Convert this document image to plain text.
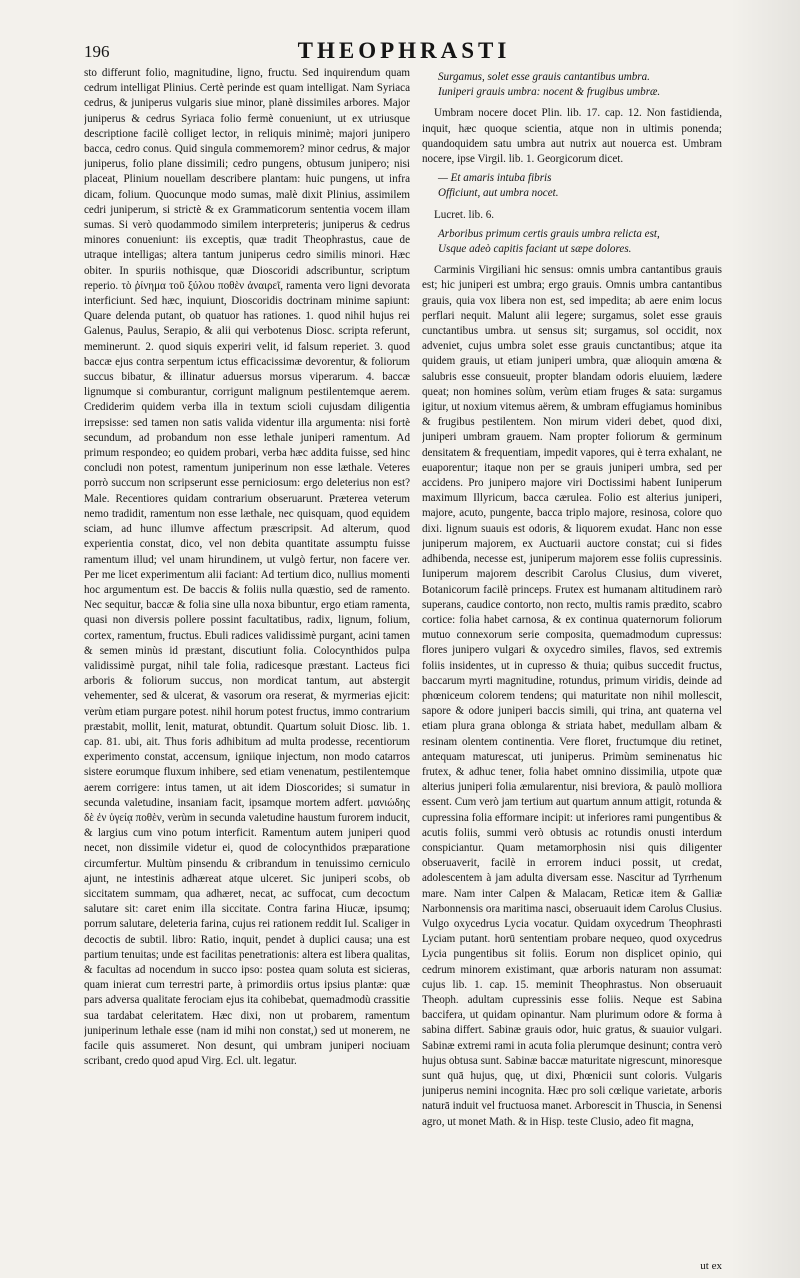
196	THEOPHRASTI

sto differunt folio, magnitudine, ligno, fructu. Sed inquirendum quam cedrum intelligat Plinius. Certè perinde est quam intelligat. Nam Syriaca cedrus, & juniperus vulgaris siue minor, planè dissimiles arbores. Major juniperus & cedrus Syriaca folio fermè conueniunt, ut ex utriusque descriptione facilè colliget lector, in reliquis minimè; majori junipero bacca, cedro conus. Quid singula commemorem? minor cedrus, & major juniperus, folio plane dissimili; cedro pungens, obtusum junipero; nisi placeat, Plinium nouellam describere plantam: huic pungens, ut infra dicam, folium. Quocunque modo sumas, malè dixit Plinius, assimilem cedri juniperum, si strictè & ex Grammaticorum sententia vocem illam sumas. Si verò quodammodo similem interpreteris; juniperus & cedrus minores conueniunt: iis exceptis, quæ tradit Theophrastus, caue de utraque intelligas; altera tantum juniperus cedro similis minori. Hæc obiter. In spuriis nothisque, quæ Dioscoridi adscribuntur, scriptum reperio. τὸ ῥίνημα τοῦ ξύλου ποθὲν ἀναιρεῖ, ramenta vero ligni devorata interficiunt. Sed hæc, inquiunt, Dioscoridis doctrinam minime sapiunt: Quare delenda putant, ob quatuor has rationes. 1. quod nihil hujus rei Galenus, Paulus, Serapio, & alii qui verbotenus Diosc. scripta referunt, meminerunt. 2. quod siquis experiri velit, id falsum reperiet. 3. quod baccæ ejus contra serpentum ictus efficacissimæ devorentur, & foliorum succus bibatur, & illinatur aduersus morsus viperarum. 4. baccæ lignumque si comburantur, corrigunt malignum pestilentemque aerem. Crediderim quidem verba illa in textum scioli cujusdam diligentia irrepsisse: sed tamen non satis valida videntur illa argumenta: nisi fortè secundum, ad probandum non esse lethale juniperi ramentum. Ad primum respondeo; eo quidem probari, verba hæc addita fuisse, sed hinc concludi non potest, ramentum juniperinum non esse læthale. Veteres porrò succum non scripserunt esse perniciosum: ergo deleterius non est? Male. Recentiores quidam contrarium obseruarunt. Præterea veterum nemo tradidit, ramentum non esse læthale, nec quisquam, quod equidem sciam, ad hunc illumve affectum præscripsit. Ad alterum, quod experientia constat, dico, vel non debita quantitate assumptu fuisse ramentum illud; vel unam hirundinem, ut vulgò fertur, non facere ver. Per me licet experimentum alii faciant: Ad tertium dico, nullius momenti hoc argumentum est. De baccis & foliis nulla quæstio, sed de ramento. Nec sequitur, baccæ & folia sine ulla noxa bibuntur, ergo etiam ramenta, quasi non diversis pollere possint facultatibus, radix, lignum, folium, cortex, ramentum, fructus. Ebuli radices validissimè purgant, acini tamen & semen minùs id præstant, discutiunt folia. Colocynthidos pulpa validissimè purgat, nihil tale folia, radicesque præstant. Lacteus fici arboris & foliorum succus, non mordicat tantum, aut abstergit vehementer, sed & ulcerat, & vasorum ora reserat, & myrmerias ejicit: verùm etiam purgare potest. nihil horum potest fructus, immo contrarium præstabit, mollit, lenit, maturat, obtundit. Quartum soluit Diosc. lib. 1. cap. 81. ubi, ait. Thus foris adhibitum ad multa prodesse, recentiorum experimento constat, accensum, igniique injectum, non modo catarros sistere eorumque fluxum inhibere, sed etiam venenatum, pestilentemque aerem corrigere: intus tamen, ut ait idem Dioscorides; si sumatur in secunda valetudine, insaniam facit, ipsamque mortem adfert. μανιώδης δὲ ἐν ὑγείᾳ ποθὲν, verùm in secunda valetudine haustum furorem inducit, & largius cum vino potum interficit. Ramentum autem juniperi quod necet, non dissimile videtur ei, quod de colocynthidos præparatione circumfertur. Multùm pinsendu & cribrandum in tenuissimo cerniculo ajunt, ne intestinis adhæreat atque ulceret. Sic juniperi scobs, ob siccitatem summam, qua adhæret, necat, ac suffocat, cum decoctum salutare sit: caret enim illa siccitate. Contra farina Hiucæ, ipsumq; porrum salutare, deleteria farina, cujus rei rationem reddit Iul. Scaliger in decoctis de subtil. libro: Ratio, inquit, pendet à duplici causa; una est partium tenuitas; unde est facilitas penetrationis: altera est libera qualitas, & facultas ad nocendum in succo ipso: postea quam soluta est sicieras, quam inierat cum terrestri parte, à primordiis ortus ipsius plantæ: quæ pars adversa qualitate ferociam ejus ita cohibebat, quemadmodù crassitie sua tardabat celeritatem. Hæc dixi, non ut probarem, ramentum juniperinum lethale esse (nam id mihi non constat,) sed ut monerem, ne facile quis assumeret. Non desunt, qui umbram juniperi nociuam scribant, credo quod apud Virg. Ecl. ult. legatur.

Surgamus, solet esse grauis cantantibus umbra.
Iuniperi grauis umbra: nocent & frugibus umbræ.

Umbram nocere docet Plin. lib. 17. cap. 12. Non fastidienda, inquit, hæc quoque scientia, atque non in ultimis ponenda; quandoquidem satu umbra aut nutrix aut nouerca est. Umbram nocere, ipse Virgil. lib. 1. Georgicorum dicet.

— Et amaris intuba fibris
Officiunt, aut umbra nocet.
Lucret. lib. 6.
Arboribus primum certis grauis umbra relicta est,
Usque adeò capitis faciant ut sæpe dolores.

Carminis Virgiliani hic sensus: omnis umbra cantantibus grauis est; hic juniperi est umbra; ergo grauis. Omnis umbra cantantibus grauis, quia vox libera non est, sed impedita; ab aere enim locus perflari nequit. Malunt alii legere; surgamus, solet esse grauis cunctantibus umbra. ut sensus sit; surgamus, sol occidit, nox adveniet, cujus umbra solet esse grauis cunctantibus; atque ita quidem grauis, ut etiam juniperi umbra, quæ alioquin amœna & salubris esse consueuit, propter blandam odoris eluuiem, lædere queat; non homines solùm, verùm etiam fruges & sata: surgamus igitur, ut noxium vitemus aërem, & umbram effugiamus hominibus & frugibus pestilentem. Non mirum videri debet, quod dixi, juniperi umbram grauem. Nam propter foliorum & germinum densitatem & frequentiam, impedit vapores, qui è terra exhalant, ne euaporentur; itaque non per se grauis juniperi umbra, sed per accidens. Pro junipero majore viri Doctissimi habent Iuniperum maximum Illyricum, bacca cærulea. Folio est alterius juniperi, majore, acuto, pungente, bacca triplo majore, resinosa, colore quo dixi. lignum suauis est odoris, & liquorem exudat. Hanc non esse juniperum majorem, ex Auctuarii auctore constat; cui si fides adhibenda, necesse est, juniperum majorem esse foliis cupressinis. Iuniperum majorem describit Carolus Clusius, dum viveret, Botanicorum facilè princeps. Frutex est humanam altitudinem rarò superans, caudice contorto, non recto, multis ramis prædito, scabro cortice: folia habet carnosa, & ex continua quaternorum foliorum mutuo connexorum serie composita, quemadmodum cupressus: flores junipero vulgari & oxycedro similes, flavos, sed extremis foliis insidentes, ut in cupresso & thuia; quibus succedit fructus, baccarum myrti magnitudine, rotundus, primum viridis, deinde ad phœniceum colorem tendens; qui maturitate non nihil mollescit, sapore & odore juniperi baccis simili, qui trina, ant quaterna vel etiam plura grana oblonga & striata habet, medullam albam & resinam olentem continentia. Vere floret, fructumque diu retinet, antequam maturescat, uti juniperus. Primùm seminenatus hic frutex, & adhuc tener, folia habet omnino dissimilia, utpote quæ alterius juniperi folia æmularentur, nisi breviora, & paulò molliora essent. Cum verò jam tertium aut quartum annum attigit, rotunda & cupressina folia efformare incipit: ut inferiores rami pungentibus & acutis foliis, summi verò obtusis ac rotundis onusti interdum conspiciantur. Quam metamorphosin nisi quis diligenter obseruaverit, facilè in errorem induci possit, ut credat, adolescentem à jam adulta diversam esse. Nascitur ad Tyrrhenum mare. Nam inter Calpen & Malacam, Reticæ item & Galliæ Narbonnensis ora maritima nasci, obseruauit idem Carolus Clusius. Vulgo oxycedrus Lycia vocatur. Quidam oxycedrum Theophrasti Lyciam putant. horū sententiam probare nequeo, quod oxycedrus Lycia pungentibus sit foliis. Eorum non displicet opinio, qui cedrum minorem existimant, quæ arboris naturam non assumat: cujus lib. 1. cap. 15. meminit Theophrastus. Non obseruauit Theoph. adultam cupressinis esse foliis. Neque est Sabina baccifera, ut quidam opinantur. Nam plurimum odore & forma à sabina differt. Sabinæ grauis odor, huic gratus, & suauior vulgari. Sabinæ extremi rami in acuta folia plerumque desinunt; contra verò hujus obtusa sunt. Sabinæ baccæ maturitate nigrescunt, minoresque sunt quā hujus, quę, ut dixi, Phœnicii sunt coloris. Vulgaris juniperus nemini incognita. Hæc pro soli cœlique varietate, arboris naturā induit vel fructuosa manet. Arborescit in Thuscia, in Senensi agro, ut monet Math. & in Hisp. teste Clusio, adeo fit magna,

ut ex
